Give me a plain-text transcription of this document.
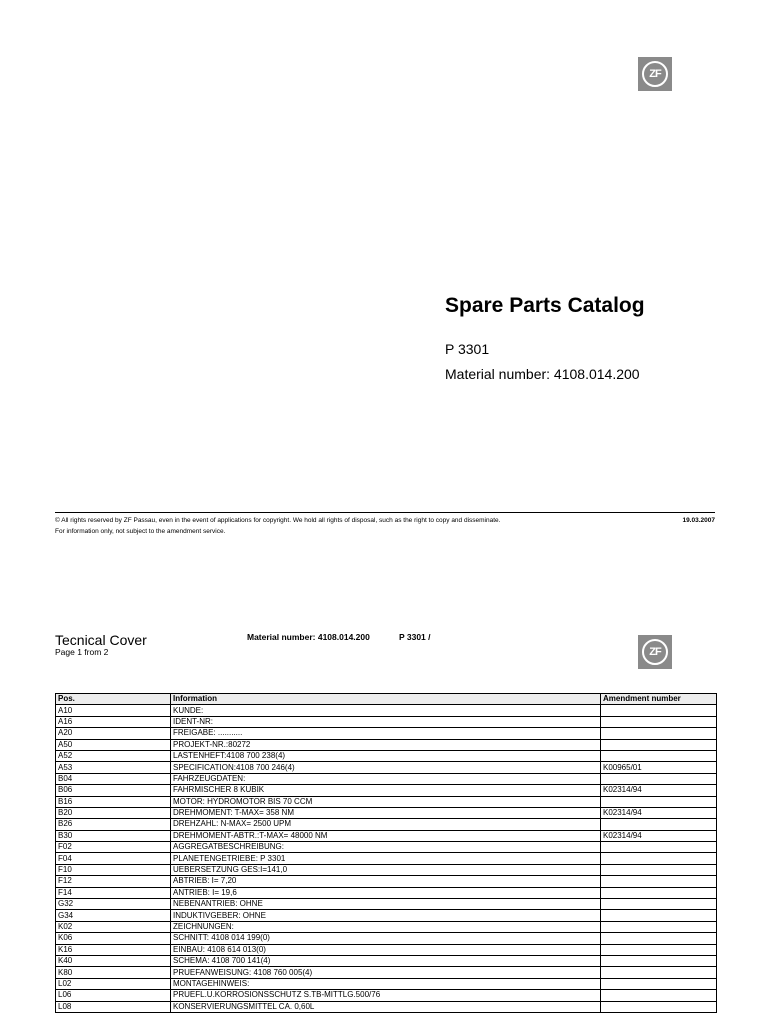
ZF
Spare Parts Catalog
P 3301
Material number: 4108.014.200
© All rights reserved by ZF Passau, even in the event of applications for copyright. We hold all rights of disposal, such as the right to copy and disseminate.	19.03.2007
For information only, not subject to the amendment service.
Tecnical Cover
Page 1 from 2
Material number: 4108.014.200	P 3301 /
ZF
Pos.	Information	Amendment number
A10	KUNDE:	
A16	IDENT-NR:	
A20	FREIGABE: ...........	
A50	PROJEKT-NR.:80272	
A52	LASTENHEFT:4108 700 238(4)	
A53	SPECIFICATION:4108 700 246(4)	K00965/01
B04	FAHRZEUGDATEN:	
B06	FAHRMISCHER 8 KUBIK	K02314/94
B16	MOTOR: HYDROMOTOR BIS 70 CCM	
B20	DREHMOMENT: T-MAX= 358 NM	K02314/94
B26	DREHZAHL: N-MAX= 2500 UPM	
B30	DREHMOMENT-ABTR.:T-MAX= 48000 NM	K02314/94
F02	AGGREGATBESCHREIBUNG:	
F04	PLANETENGETRIEBE: P 3301	
F10	UEBERSETZUNG GES:I=141,0	
F12	ABTRIEB: I= 7,20	
F14	ANTRIEB: I= 19,6	
G32	NEBENANTRIEB: OHNE	
G34	INDUKTIVGEBER: OHNE	
K02	ZEICHNUNGEN:	
K06	SCHNITT: 4108 014 199(0)	
K16	EINBAU: 4108 614 013(0)	
K40	SCHEMA: 4108 700 141(4)	
K80	PRUEFANWEISUNG: 4108 760 005(4)	
L02	MONTAGEHINWEIS:	
L06	PRUEFL.U.KORROSIONSSCHUTZ S.TB-MITTLG.500/76	
L08	KONSERVIERUNGSMITTEL CA. 0,60L	
